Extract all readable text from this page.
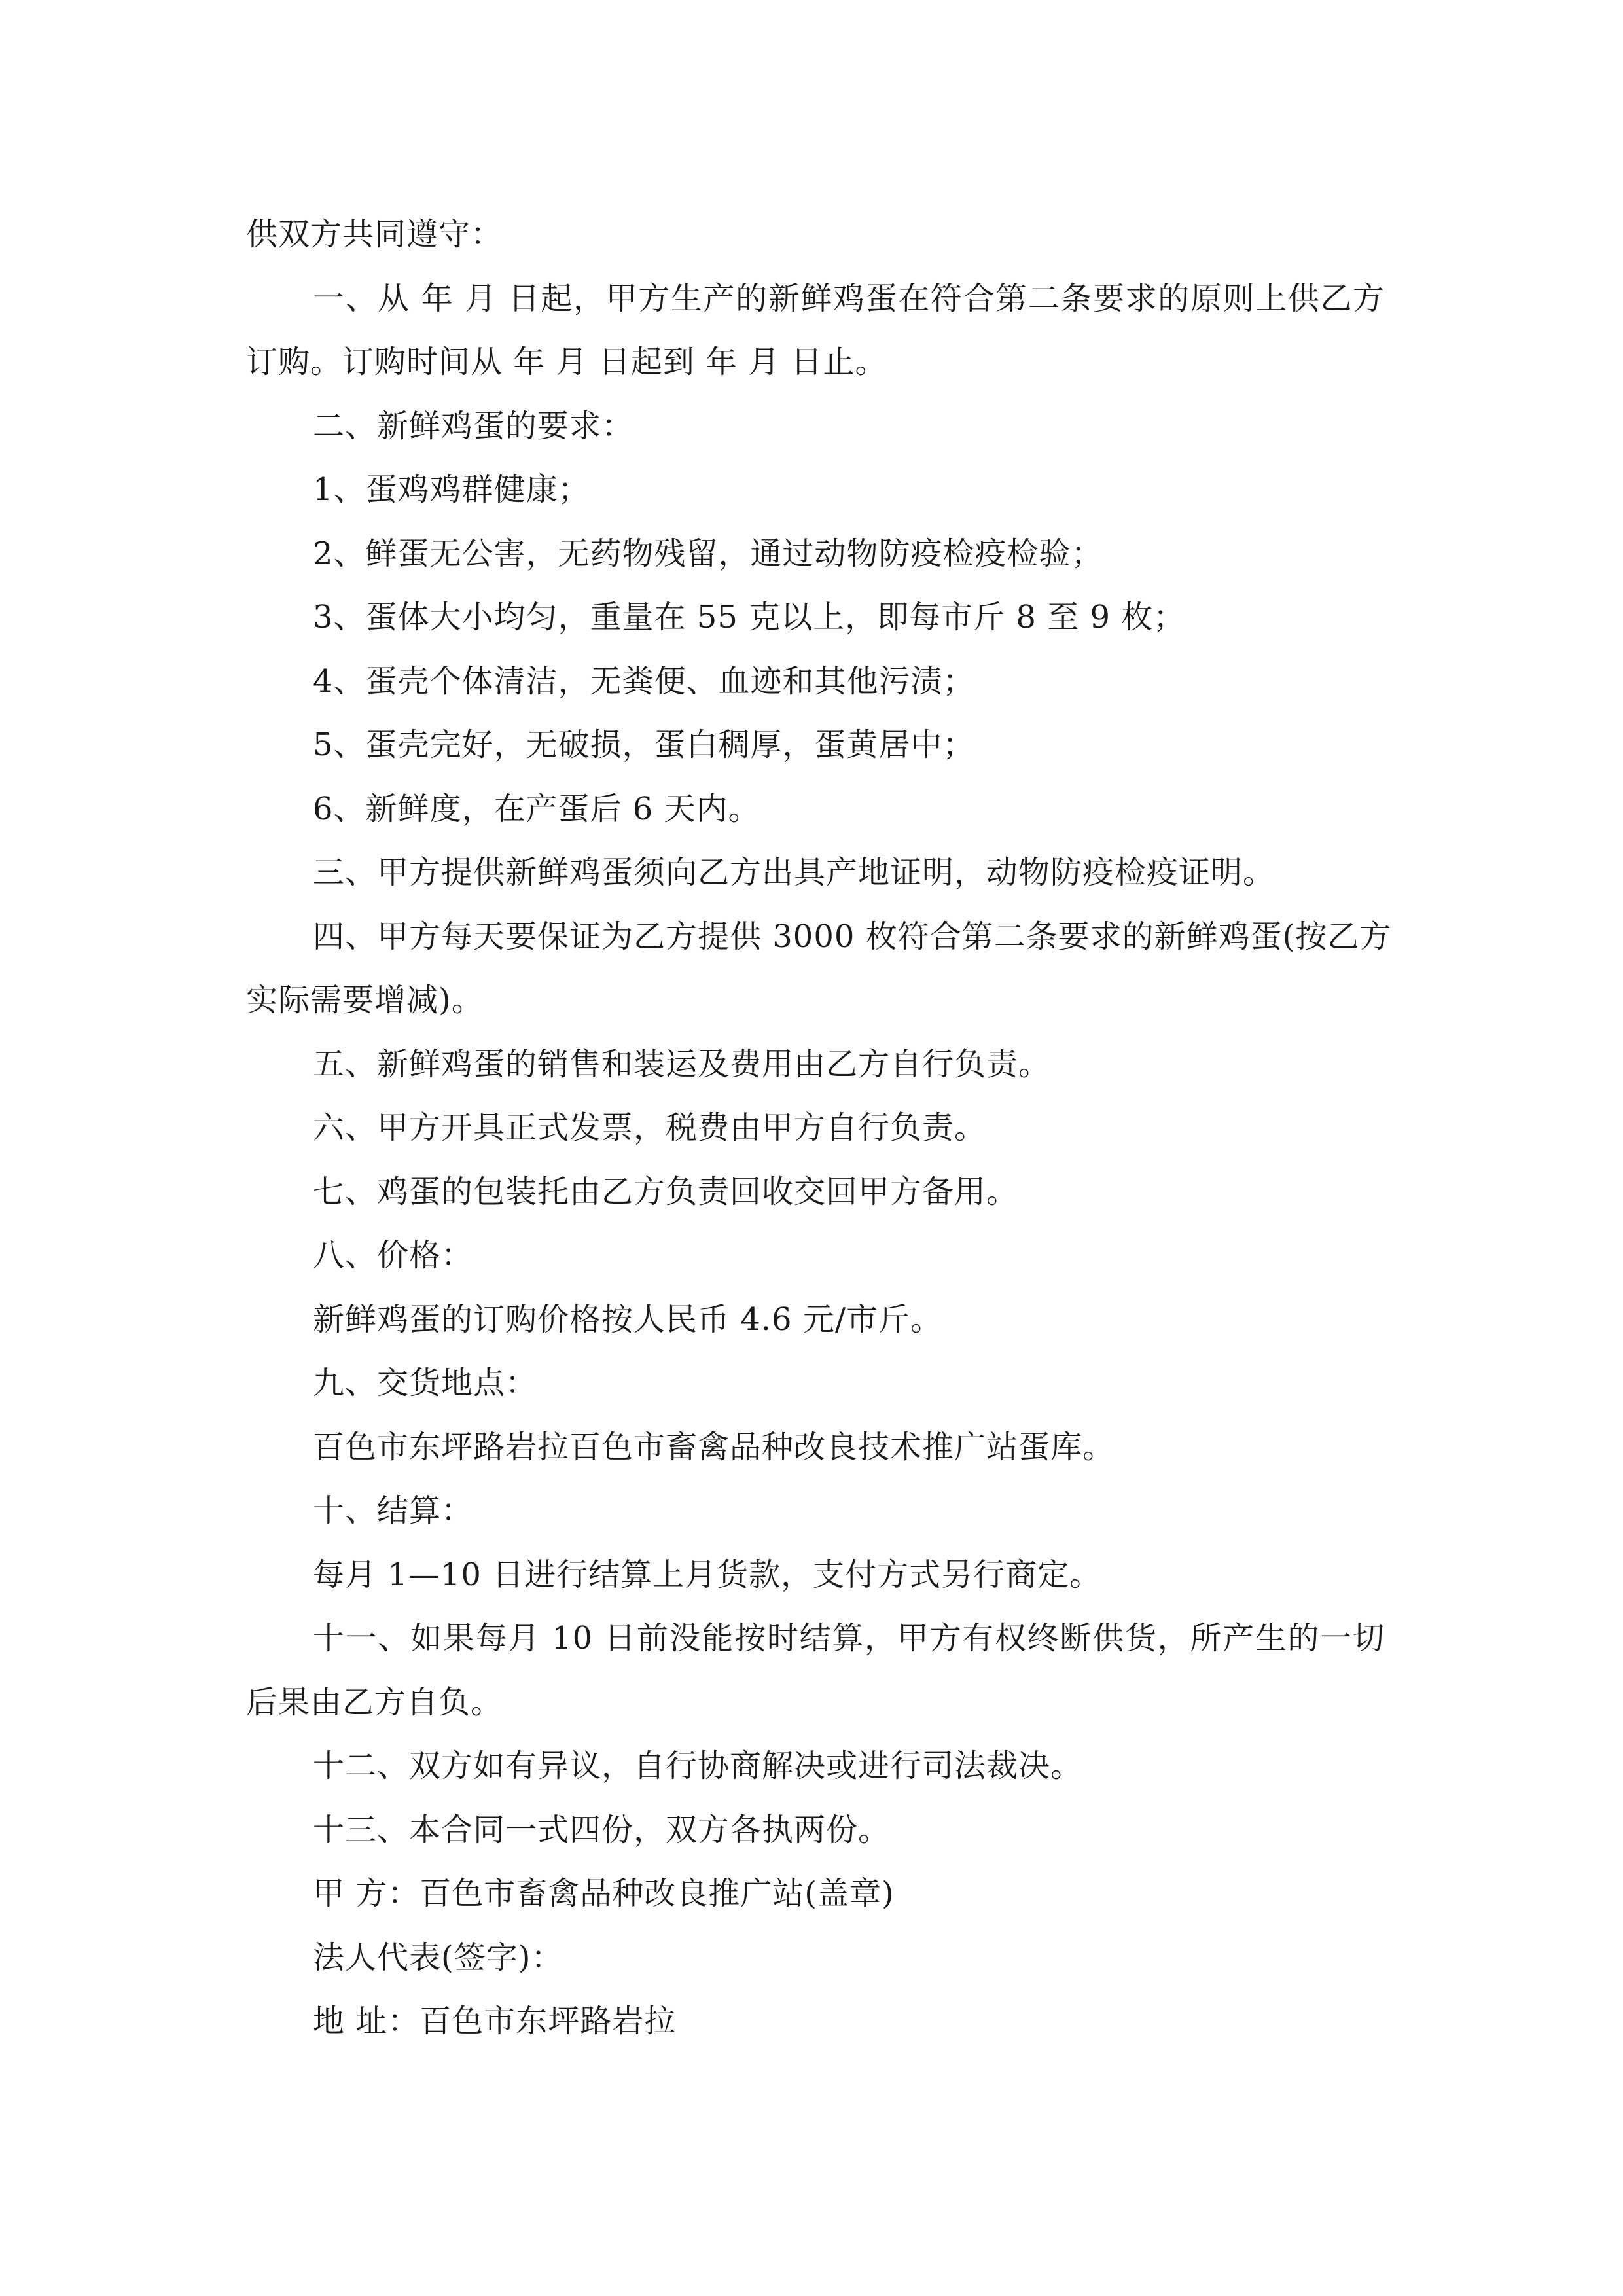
供双方共同遵守：
一、从 年 月 日起，甲方生产的新鲜鸡蛋在符合第二条要求的原则上供乙方
订购。订购时间从 年 月 日起到 年 月 日止。
二、新鲜鸡蛋的要求：
1、蛋鸡鸡群健康；
2、鲜蛋无公害，无药物残留，通过动物防疫检疫检验；
3、蛋体大小均匀，重量在 55 克以上，即每市斤 8 至 9 枚；
4、蛋壳个体清洁，无粪便、血迹和其他污渍；
5、蛋壳完好，无破损，蛋白稠厚，蛋黄居中；
6、新鲜度，在产蛋后 6 天内。
三、甲方提供新鲜鸡蛋须向乙方出具产地证明，动物防疫检疫证明。
四、甲方每天要保证为乙方提供 3000 枚符合第二条要求的新鲜鸡蛋(按乙方
实际需要增减)。
五、新鲜鸡蛋的销售和装运及费用由乙方自行负责。
六、甲方开具正式发票，税费由甲方自行负责。
七、鸡蛋的包装托由乙方负责回收交回甲方备用。
八、价格：
新鲜鸡蛋的订购价格按人民币 4.6 元/市斤。
九、交货地点：
百色市东坪路岩拉百色市畜禽品种改良技术推广站蛋库。
十、结算：
每月 1—10 日进行结算上月货款，支付方式另行商定。
十一、如果每月 10 日前没能按时结算，甲方有权终断供货，所产生的一切
后果由乙方自负。
十二、双方如有异议，自行协商解决或进行司法裁决。
十三、本合同一式四份，双方各执两份。
甲 方：百色市畜禽品种改良推广站(盖章)
法人代表(签字)：
地 址：百色市东坪路岩拉
